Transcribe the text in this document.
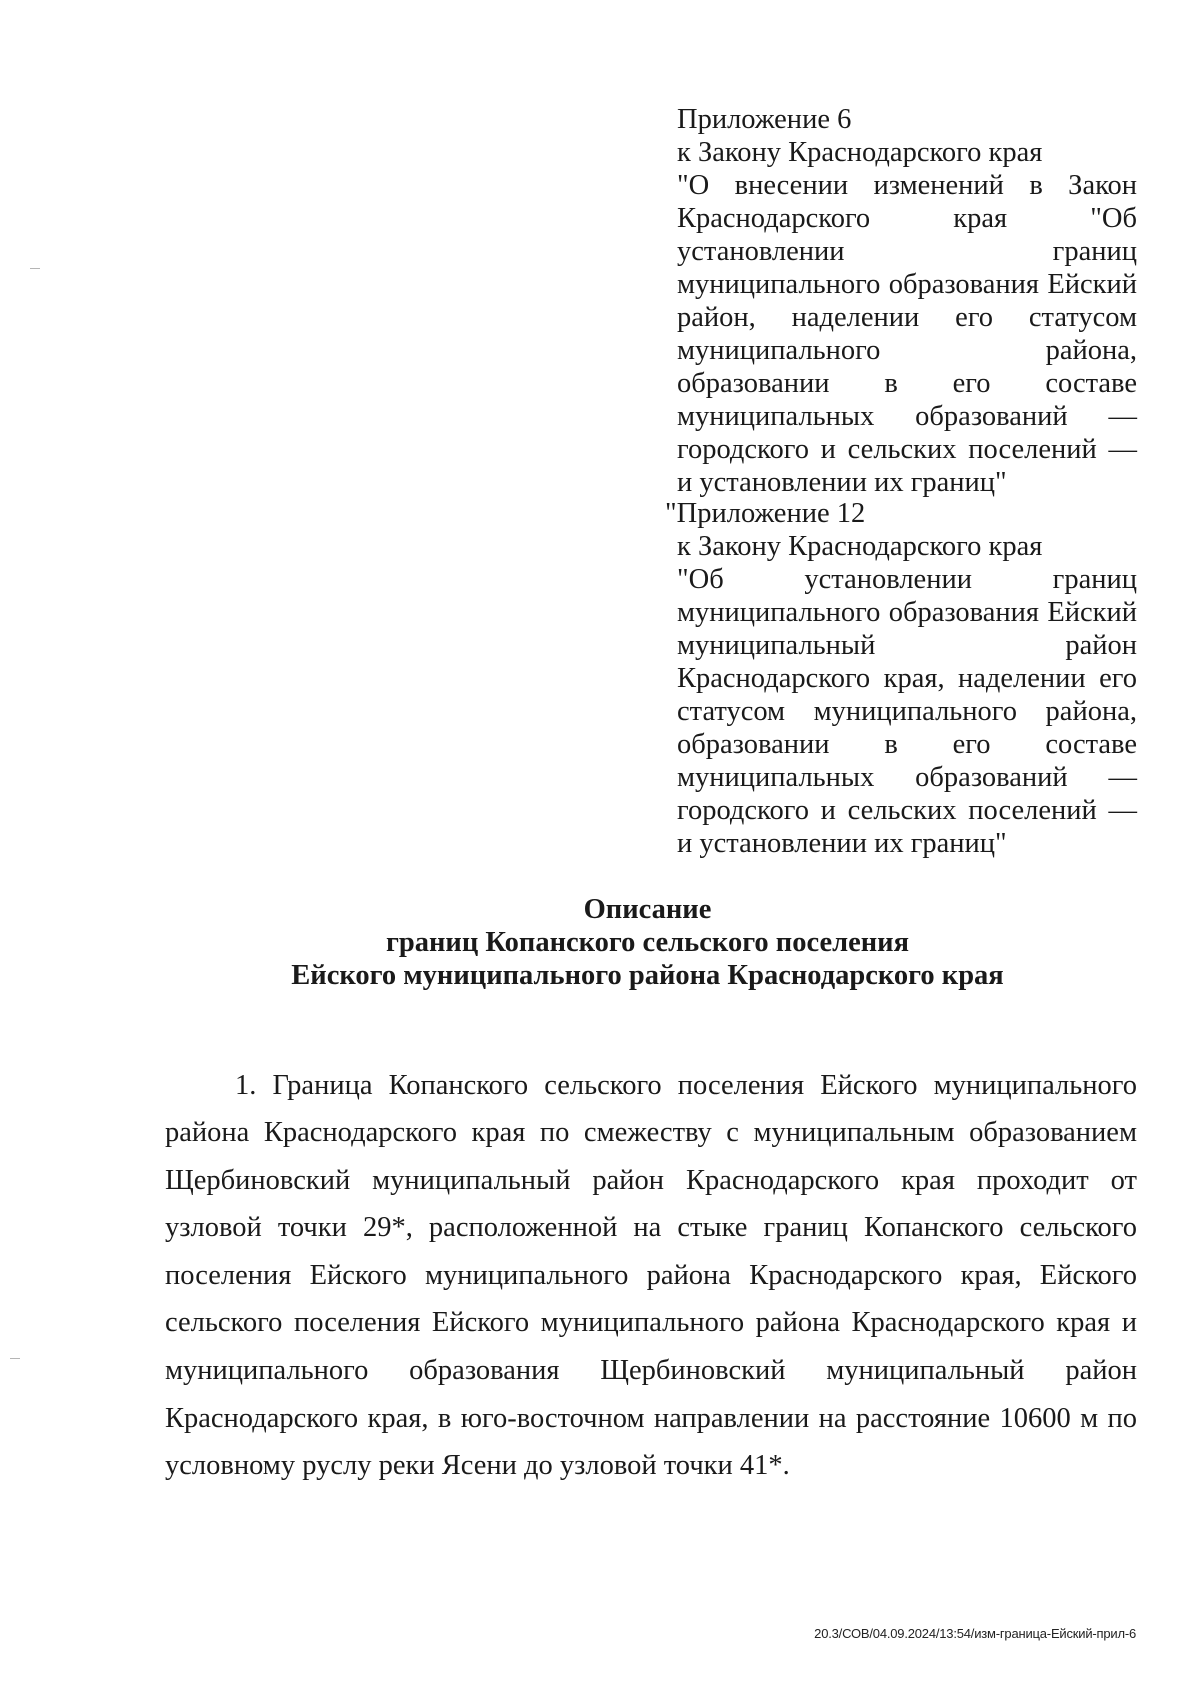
Приложение 6
к Закону Краснодарского края
"О внесении изменений в Закон Краснодарского края "Об установлении границ муниципального образования Ейский район, наделении его статусом муниципального района, образовании в его составе муниципальных образований — городского и сельских поселений — и установлении их границ"
"Приложение 12
к Закону Краснодарского края
"Об установлении границ муниципального образования Ейский муниципальный район Краснодарского края, наделении его статусом муниципального района, образовании в его составе муниципальных образований — городского и сельских поселений — и установлении их границ"
Описание
границ Копанского сельского поселения
Ейского муниципального района Краснодарского края

1. Граница Копанского сельского поселения Ейского муниципального района Краснодарского края по смежеству с муниципальным образованием Щербиновский муниципальный район Краснодарского края проходит от узловой точки 29*, расположенной на стыке границ Копанского сельского поселения Ейского муниципального района Краснодарского края, Ейского сельского поселения Ейского муниципального района Краснодарского края и муниципального образования Щербиновский муниципальный район Краснодарского края, в юго-восточном направлении на расстояние 10600 м по условному руслу реки Ясени до узловой точки 41*.

20.3/СОВ/04.09.2024/13:54/изм-граница-Ейский-прил-6
